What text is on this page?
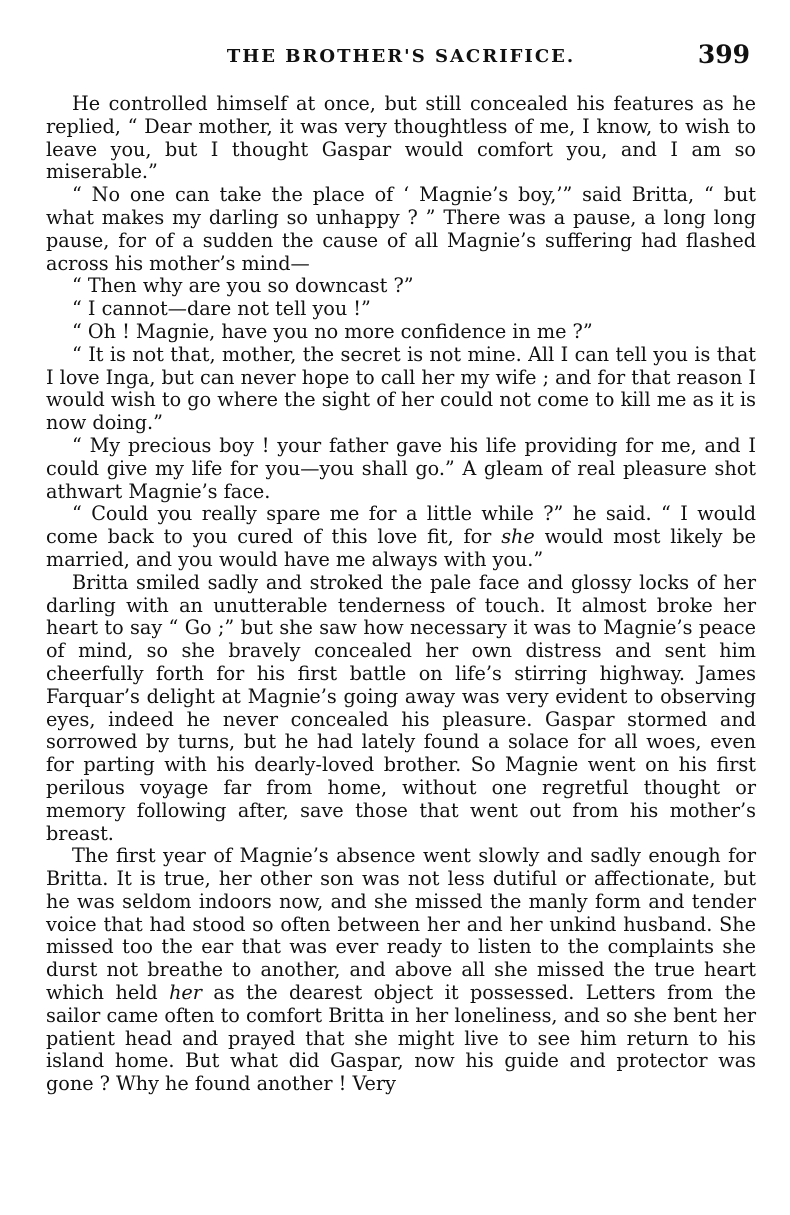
THE BROTHER'S SACRIFICE.	399

He controlled himself at once, but still concealed his features as he replied, “ Dear mother, it was very thoughtless of me, I know, to wish to leave you, but I thought Gaspar would comfort you, and I am so miserable.”

“ No one can take the place of ‘ Magnie’s boy,’” said Britta, “ but what makes my darling so unhappy ? ” There was a pause, a long long pause, for of a sudden the cause of all Magnie’s suffering had flashed across his mother’s mind—

“ Then why are you so downcast ?”

“ I cannot—dare not tell you !”

“ Oh ! Magnie, have you no more confidence in me ?”

“ It is not that, mother, the secret is not mine. All I can tell you is that I love Inga, but can never hope to call her my wife ; and for that reason I would wish to go where the sight of her could not come to kill me as it is now doing.”

“ My precious boy ! your father gave his life providing for me, and I could give my life for you—you shall go.” A gleam of real pleasure shot athwart Magnie’s face.

“ Could you really spare me for a little while ?” he said. “ I would come back to you cured of this love fit, for she would most likely be married, and you would have me always with you.”

Britta smiled sadly and stroked the pale face and glossy locks of her darling with an unutterable tenderness of touch. It almost broke her heart to say “ Go ;” but she saw how necessary it was to Magnie’s peace of mind, so she bravely concealed her own distress and sent him cheerfully forth for his first battle on life’s stirring highway. James Farquar’s delight at Magnie’s going away was very evident to observing eyes, indeed he never concealed his pleasure. Gaspar stormed and sorrowed by turns, but he had lately found a solace for all woes, even for parting with his dearly-loved brother. So Magnie went on his first perilous voyage far from home, without one regretful thought or memory following after, save those that went out from his mother’s breast.

The first year of Magnie’s absence went slowly and sadly enough for Britta. It is true, her other son was not less dutiful or affectionate, but he was seldom indoors now, and she missed the manly form and tender voice that had stood so often between her and her unkind husband. She missed too the ear that was ever ready to listen to the complaints she durst not breathe to another, and above all she missed the true heart which held her as the dearest object it possessed. Letters from the sailor came often to comfort Britta in her loneliness, and so she bent her patient head and prayed that she might live to see him return to his island home. But what did Gaspar, now his guide and protector was gone ? Why he found another ! Very
